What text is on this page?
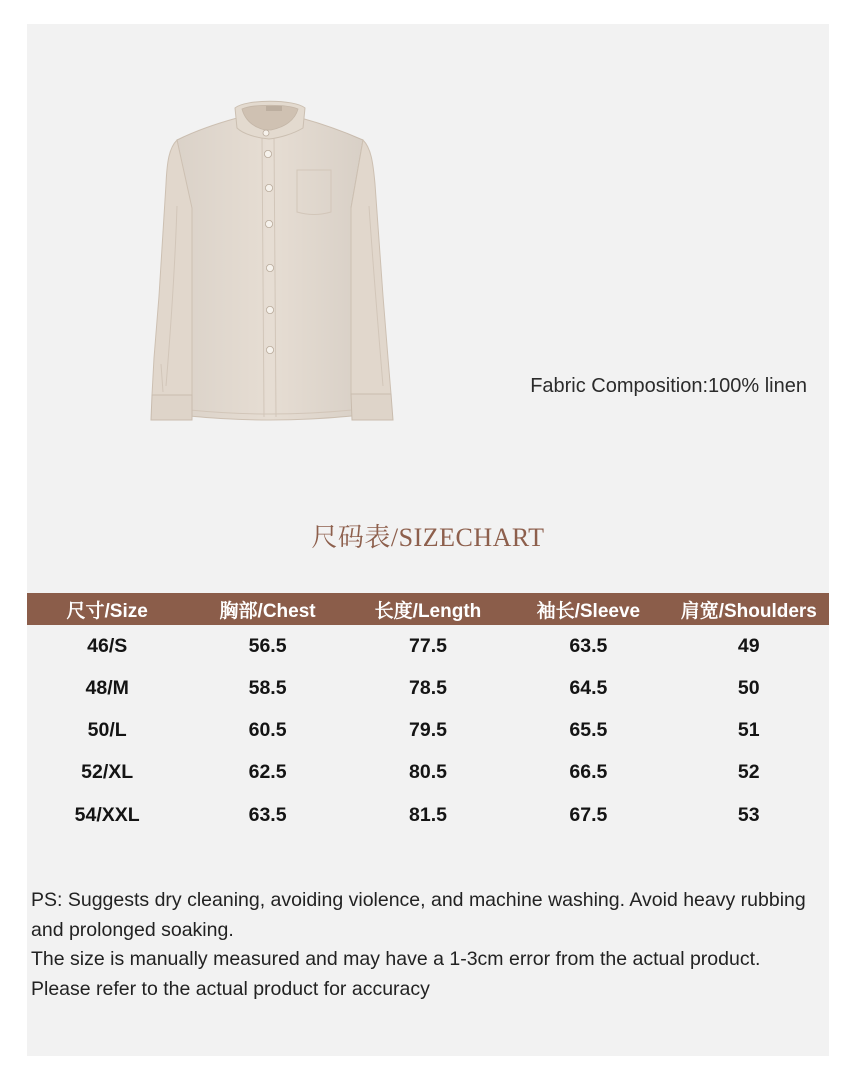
Fabric Composition:100% linen
尺码表/SIZECHART
尺寸/Size	胸部/Chest	长度/Length	袖长/Sleeve	肩宽/Shoulders
46/S	56.5	77.5	63.5	49
48/M	58.5	78.5	64.5	50
50/L	60.5	79.5	65.5	51
52/XL	62.5	80.5	66.5	52
54/XXL	63.5	81.5	67.5	53

PS: Suggests dry cleaning, avoiding violence, and machine washing. Avoid heavy rubbing and prolonged soaking.

The size is manually measured and may have a 1-3cm error from the actual product.

Please refer to the actual product for accuracy
